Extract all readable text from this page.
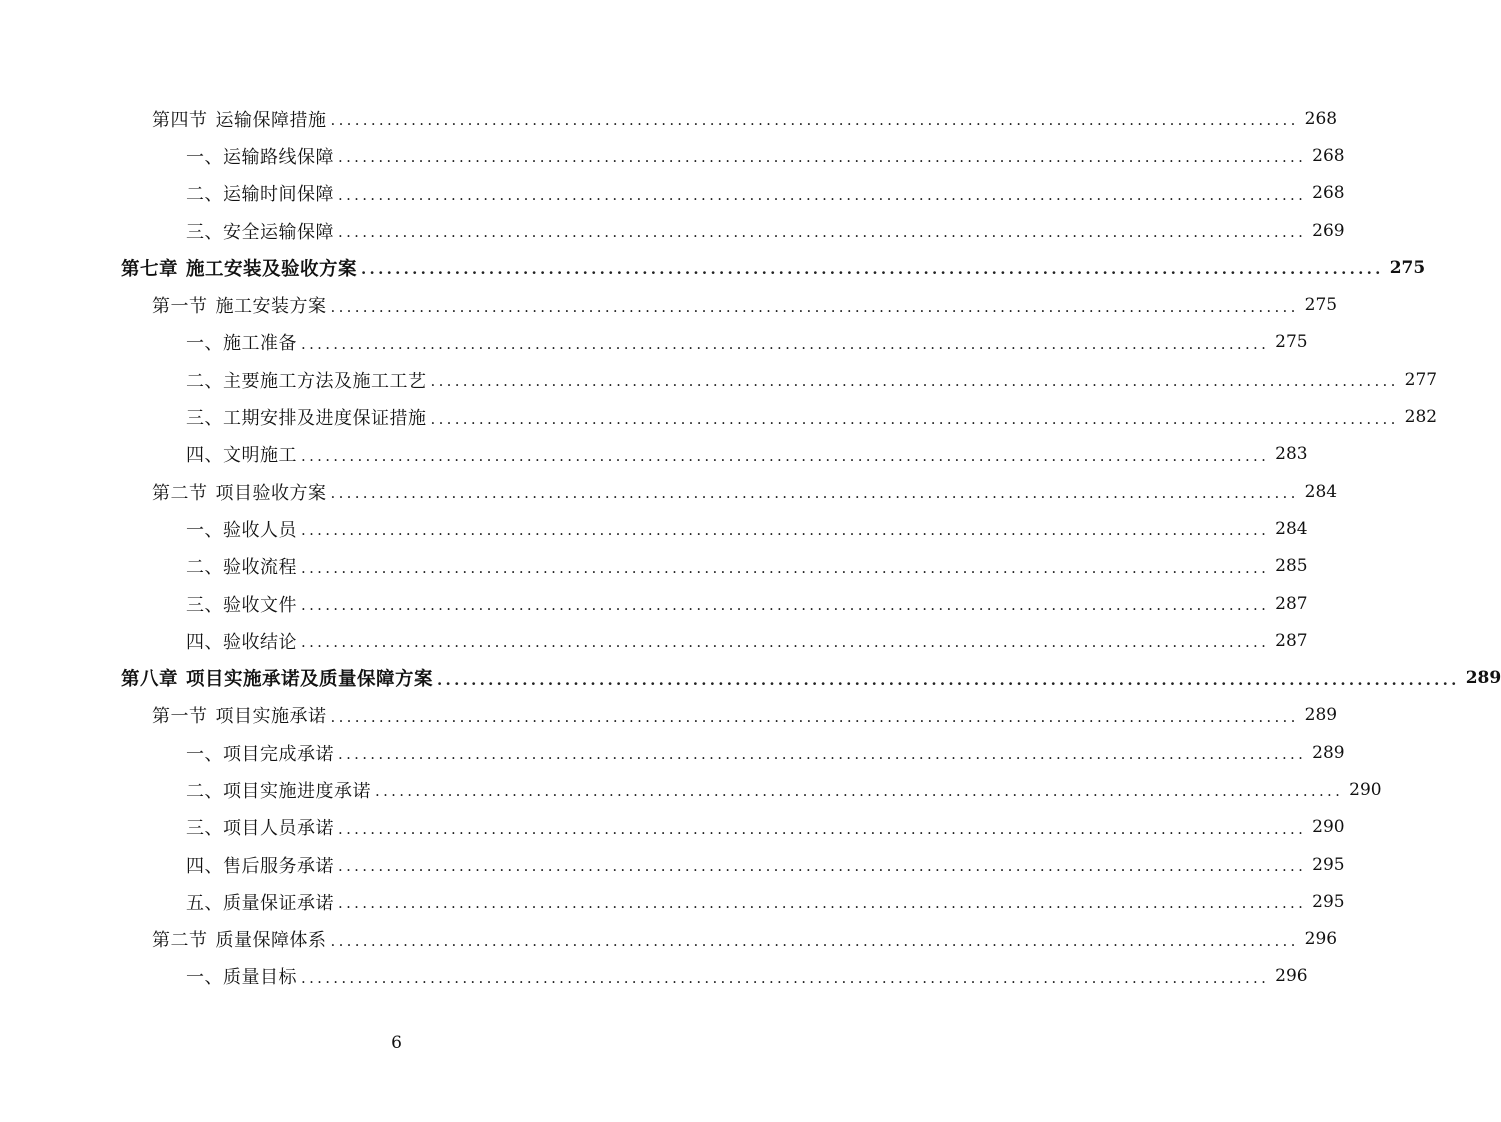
第四节 运输保障措施 ........................................................................................................................ 268
一、运输路线保障 ........................................................................................................................ 268
二、运输时间保障 ........................................................................................................................ 268
三、安全运输保障 ........................................................................................................................ 269
第七章 施工安装及验收方案 ........................................................................................................................ 275
第一节 施工安装方案 ........................................................................................................................ 275
一、施工准备 ........................................................................................................................ 275
二、主要施工方法及施工工艺 ........................................................................................................................ 277
三、工期安排及进度保证措施 ........................................................................................................................ 282
四、文明施工 ........................................................................................................................ 283
第二节 项目验收方案 ........................................................................................................................ 284
一、验收人员 ........................................................................................................................ 284
二、验收流程 ........................................................................................................................ 285
三、验收文件 ........................................................................................................................ 287
四、验收结论 ........................................................................................................................ 287
第八章 项目实施承诺及质量保障方案 ........................................................................................................................ 289
第一节 项目实施承诺 ........................................................................................................................ 289
一、项目完成承诺 ........................................................................................................................ 289
二、项目实施进度承诺 ........................................................................................................................ 290
三、项目人员承诺 ........................................................................................................................ 290
四、售后服务承诺 ........................................................................................................................ 295
五、质量保证承诺 ........................................................................................................................ 295
第二节 质量保障体系 ........................................................................................................................ 296
一、质量目标 ........................................................................................................................ 296
6
